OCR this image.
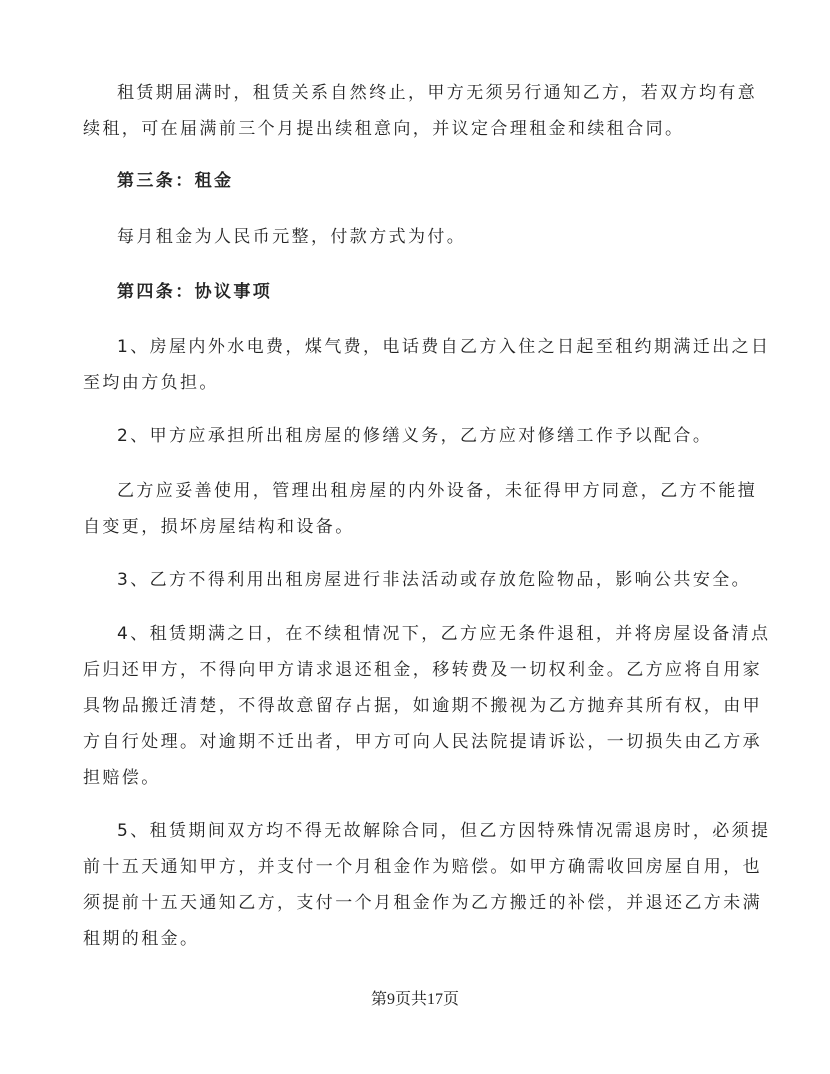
租赁期届满时，租赁关系自然终止，甲方无须另行通知乙方，若双方均有意
续租，可在届满前三个月提出续租意向，并议定合理租金和续租合同。
第三条：租金
每月租金为人民币元整，付款方式为付。
第四条：协议事项
1、房屋内外水电费，煤气费，电话费自乙方入住之日起至租约期满迁出之日
至均由方负担。
2、甲方应承担所出租房屋的修缮义务，乙方应对修缮工作予以配合。
乙方应妥善使用，管理出租房屋的内外设备，未征得甲方同意，乙方不能擅
自变更，损坏房屋结构和设备。
3、乙方不得利用出租房屋进行非法活动或存放危险物品，影响公共安全。
4、租赁期满之日，在不续租情况下，乙方应无条件退租，并将房屋设备清点
后归还甲方，不得向甲方请求退还租金，移转费及一切权利金。乙方应将自用家
具物品搬迁清楚，不得故意留存占据，如逾期不搬视为乙方抛弃其所有权，由甲
方自行处理。对逾期不迁出者，甲方可向人民法院提请诉讼，一切损失由乙方承
担赔偿。
5、租赁期间双方均不得无故解除合同，但乙方因特殊情况需退房时，必须提
前十五天通知甲方，并支付一个月租金作为赔偿。如甲方确需收回房屋自用，也
须提前十五天通知乙方，支付一个月租金作为乙方搬迁的补偿，并退还乙方未满
租期的租金。
第9页共17页
